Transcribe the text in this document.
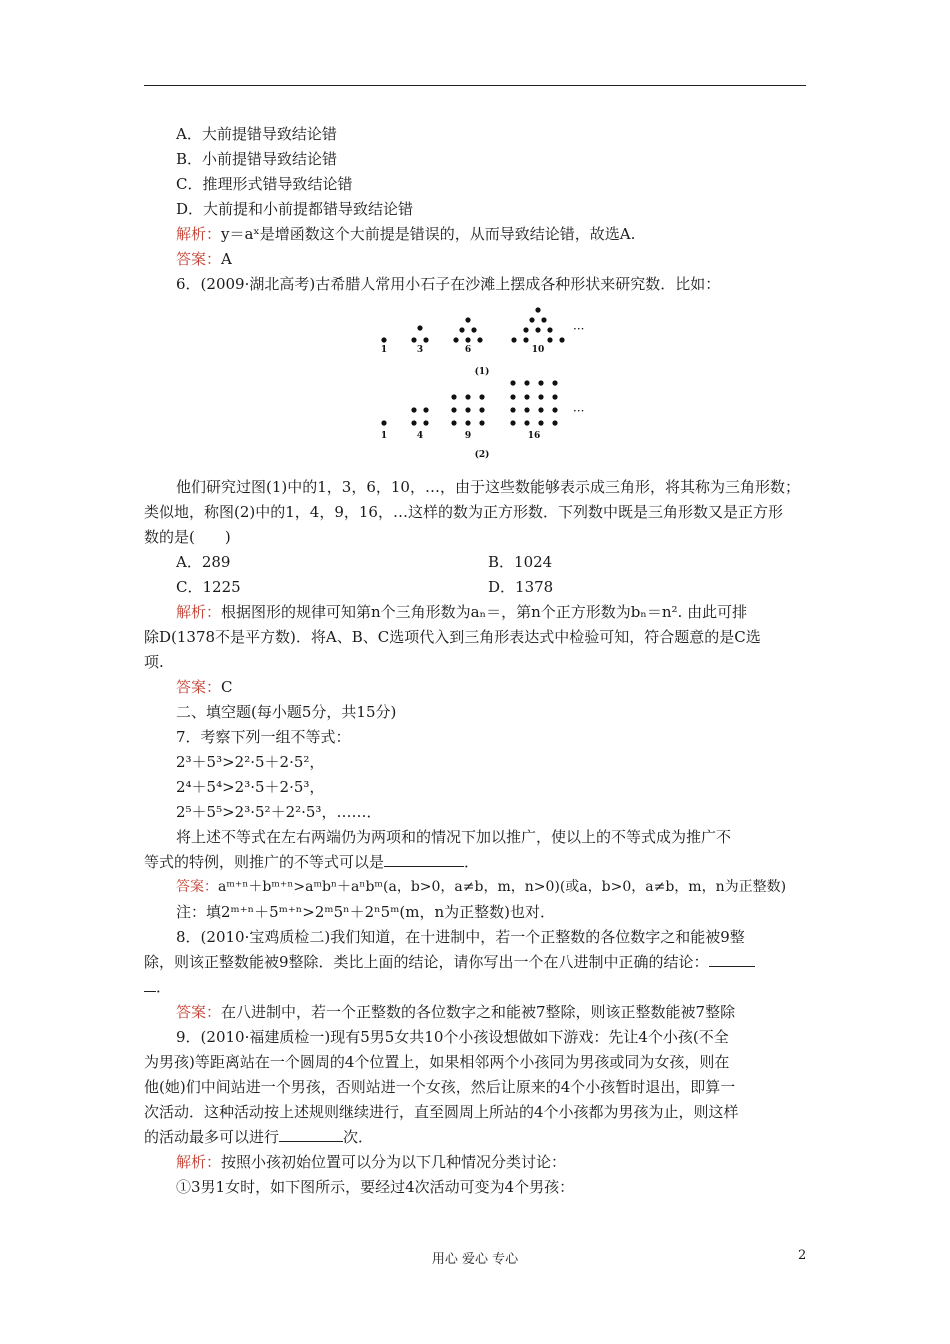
A．大前提错导致结论错
B．小前提错导致结论错
C．推理形式错导致结论错
D．大前提和小前提都错导致结论错
解析：y＝aˣ是增函数这个大前提是错误的，从而导致结论错，故选A.
答案：A
6．(2009·湖北高考)古希腊人常用小石子在沙滩上摆成各种形状来研究数．比如：
1	3	6	10
(1)
1	4	9	16
(2)
···
···
他们研究过图(1)中的1，3，6，10，…，由于这些数能够表示成三角形，将其称为三角形数；
类似地，称图(2)中的1，4，9，16，…这样的数为正方形数．下列数中既是三角形数又是正方形
数的是(　　)
A．289	B．1024
C．1225	D．1378
解析：根据图形的规律可知第n个三角形数为aₙ＝，第n个正方形数为bₙ＝n². 由此可排
除D(1378不是平方数)．将A、B、C选项代入到三角形表达式中检验可知，符合题意的是C选
项.
答案：C
二、填空题(每小题5分，共15分)
7．考察下列一组不等式：
2³＋5³>2²·5＋2·5²，
2⁴＋5⁴>2³·5＋2·5³，
2⁵＋5⁵>2³·5²＋2²·5³，……．
将上述不等式在左右两端仍为两项和的情况下加以推广，使以上的不等式成为推广不
等式的特例，则推广的不等式可以是	．
答案：aᵐ⁺ⁿ＋bᵐ⁺ⁿ>aᵐbⁿ＋aⁿbᵐ(a，b>0，a≠b，m，n>0)(或a，b>0，a≠b，m，n为正整数)
注：填2ᵐ⁺ⁿ＋5ᵐ⁺ⁿ>2ᵐ5ⁿ＋2ⁿ5ᵐ(m，n为正整数)也对．
8．(2010·宝鸡质检二)我们知道，在十进制中，若一个正整数的各位数字之和能被9整
除，则该正整数能被9整除．类比上面的结论，请你写出一个在八进制中正确的结论：
．
答案：在八进制中，若一个正整数的各位数字之和能被7整除，则该正整数能被7整除
9．(2010·福建质检一)现有5男5女共10个小孩设想做如下游戏：先让4个小孩(不全
为男孩)等距离站在一个圆周的4个位置上，如果相邻两个小孩同为男孩或同为女孩，则在
他(她)们中间站进一个男孩，否则站进一个女孩，然后让原来的4个小孩暂时退出，即算一
次活动．这种活动按上述规则继续进行，直至圆周上所站的4个小孩都为男孩为止，则这样
的活动最多可以进行	次．
解析：按照小孩初始位置可以分为以下几种情况分类讨论：
①3男1女时，如下图所示，要经过4次活动可变为4个男孩：
用心 爱心 专心	2
